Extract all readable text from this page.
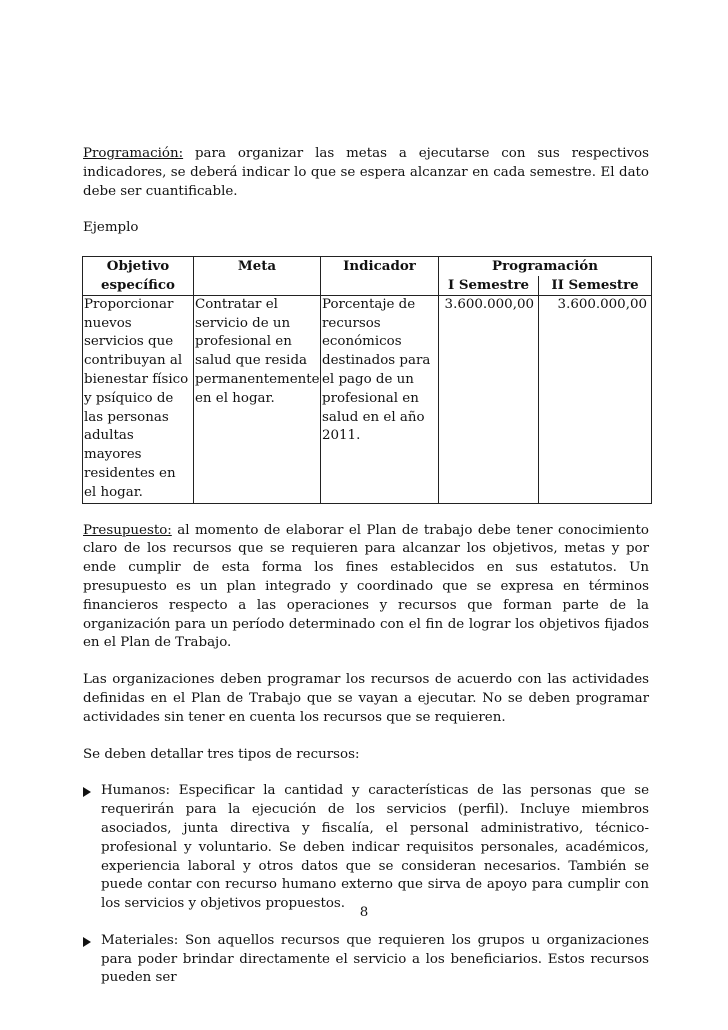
Programación: para organizar las metas a ejecutarse con sus respectivos indicadores, se deberá indicar lo que se espera alcanzar en cada semestre. El dato debe ser cuantificable.

Ejemplo

Objetivo específico	Meta	Indicador	Programación	
			I Semestre	II Semestre
Proporcionar nuevos servicios que contribuyan al bienestar físico y psíquico de las personas adultas mayores residentes en el hogar.	Contratar el servicio de un profesional en salud que resida permanentemente en el hogar.	Porcentaje de recursos económicos destinados para el pago de un profesional en salud en el año 2011.	3.600.000,00	3.600.000,00

Presupuesto: al momento de elaborar el Plan de trabajo debe tener conocimiento claro de los recursos que se requieren para alcanzar los objetivos, metas y por ende cumplir de esta forma los fines establecidos en sus estatutos. Un presupuesto es un plan integrado y coordinado que se expresa en términos financieros respecto a las operaciones y recursos que forman parte de la organización para un período determinado con el fin de lograr los objetivos fijados en el Plan de Trabajo.

Las organizaciones deben programar los recursos de acuerdo con las actividades definidas en el Plan de Trabajo que se vayan a ejecutar. No se deben programar actividades sin tener en cuenta los recursos que se requieren.

Se deben detallar tres tipos de recursos:

Humanos: Especificar la cantidad y características de las personas que se requerirán para la ejecución de los servicios (perfil). Incluye miembros asociados, junta directiva y fiscalía, el personal administrativo, técnico-profesional y voluntario. Se deben indicar requisitos personales, académicos, experiencia laboral y otros datos que se consideran necesarios. También se puede contar con recurso humano externo que sirva de apoyo para cumplir con los servicios y objetivos propuestos.
Materiales: Son aquellos recursos que requieren los grupos u organizaciones para poder brindar directamente el servicio a los beneficiarios. Estos recursos pueden ser
8
